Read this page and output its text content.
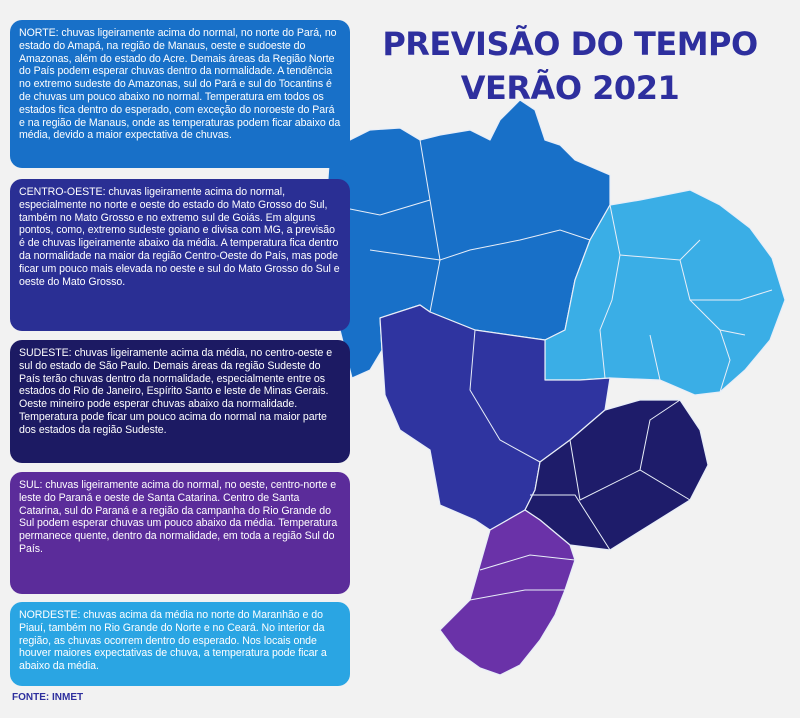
PREVISÃO DO TEMPO
VERÃO 2021
NORTE: chuvas ligeiramente acima do normal, no norte do Pará, no estado do Amapá, na região de Manaus, oeste e sudoeste do Amazonas, além do estado do Acre. Demais áreas da Região Norte do País podem esperar chuvas dentro da normalidade. A tendência no extremo sudeste do Amazonas, sul do Pará e sul do Tocantins é de chuvas um pouco abaixo no normal. Temperatura em todos os estados fica dentro do esperado, com exceção do noroeste do Pará e na região de Manaus, onde as temperaturas podem ficar abaixo da média, devido a maior expectativa de chuvas.
CENTRO-OESTE: chuvas ligeiramente acima do normal, especialmente no norte e oeste do estado do Mato Grosso do Sul, também no Mato Grosso e no extremo sul de Goiás. Em alguns pontos, como, extremo sudeste goiano e divisa com MG, a previsão é de chuvas ligeiramente abaixo da média. A temperatura fica dentro da normalidade na maior da região Centro-Oeste do País, mas pode ficar um pouco mais elevada no oeste e sul do Mato Grosso do Sul e oeste do Mato Grosso.
SUDESTE: chuvas ligeiramente acima da média, no centro-oeste e sul do estado de São Paulo. Demais áreas da região Sudeste do País terão chuvas dentro da normalidade, especialmente entre os estados do Rio de Janeiro, Espírito Santo e leste de Minas Gerais. Oeste mineiro pode esperar chuvas abaixo da normalidade. Temperatura pode ficar um pouco acima do normal na maior parte dos estados da região Sudeste.
SUL: chuvas ligeiramente acima do normal, no oeste, centro-norte e leste do Paraná e oeste de Santa Catarina. Centro de Santa Catarina, sul do Paraná e a região da campanha do Rio Grande do Sul podem esperar chuvas um pouco abaixo da média. Temperatura permanece quente, dentro da normalidade, em toda a região Sul do País.
NORDESTE: chuvas acima da média no norte do Maranhão e do Piauí, também no Rio Grande do Norte e no Ceará. No interior da região, as chuvas ocorrem dentro do esperado. Nos locais onde houver maiores expectativas de chuva, a temperatura pode ficar a abaixo da média.
FONTE: INMET
